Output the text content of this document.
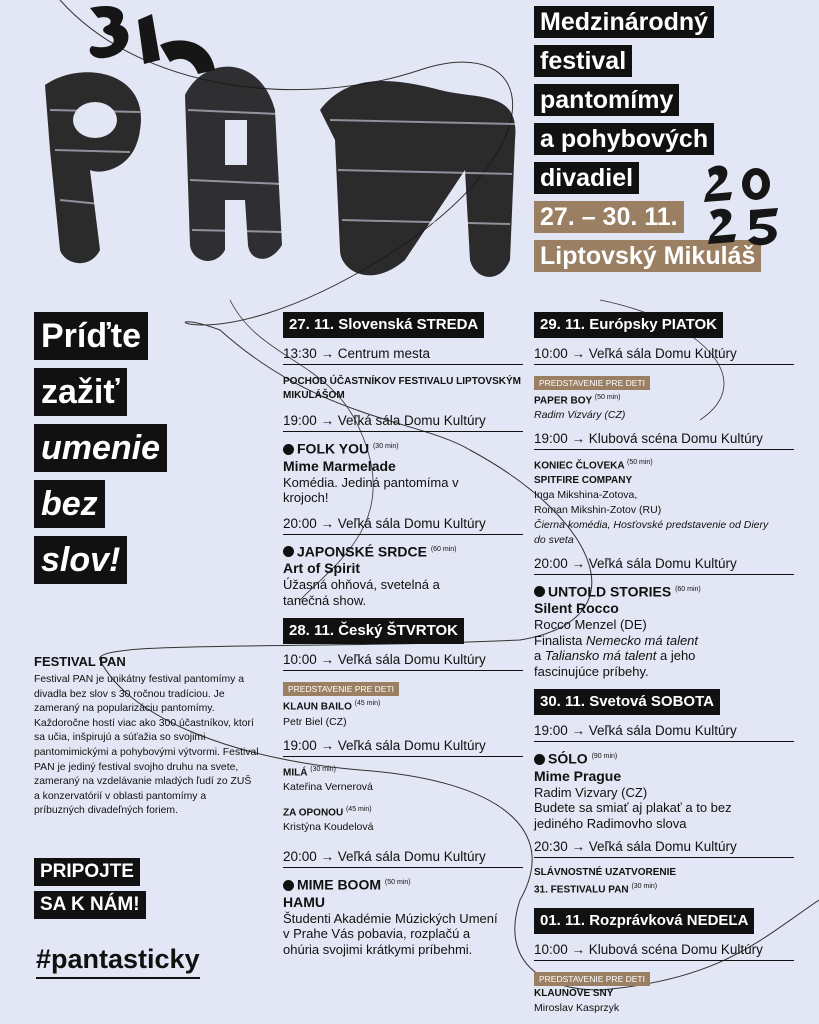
Medzinárodný
festival
pantomímy
a pohybových
divadiel
27. – 30. 11.
Liptovský Mikuláš
Príďte
zažiť
umenie
bez
slov!
FESTIVAL PAN

Festival PAN je unikátny festival pantomímy a divadla bez slov s 30 ročnou tradíciou. Je zameraný na popularizáciu pantomímy. Každoročne hostí viac ako 300 účastníkov, ktorí sa učia, inšpirujú a súťažia so svojimi pantomimickými a pohybovými výtvormi. Festival PAN je jediný festival svojho druhu na svete, zameraný na vzdelávanie mladých ľudí zo ZUŠ a konzervatórií v oblasti pantomímy a príbuzných divadeľných foriem.

PRIPOJTE
SA K NÁM!
#pantasticky
27. 11. Slovenská STREDA
13:30 → Centrum mesta
POCHOD ÚČASTNÍKOV FESTIVALU LIPTOVSKÝM MIKULÁŠOM
19:00 → Veľká sála Domu Kultúry
FOLK YOU $^{(30 min)}$
Mime Marmelade
Komédia. Jediná pantomíma v krojoch!
20:00 → Veľká sála Domu Kultúry
JAPONSKÉ SRDCE $^{(60 min)}$
Art of Spirit
Úžasná ohňová, svetelná a tanečná show.
28. 11. Český ŠTVRTOK
10:00 → Veľká sála Domu Kultúry
PREDSTAVENIE PRE DETI
KLAUN BAILO $^{(45 min)}$
Petr Biel (CZ)
19:00 → Veľká sála Domu Kultúry
MILÁ $^{(30 min)}$
Kateřina Vernerová
ZA OPONOU $^{(45 min)}$
Kristýna Koudelová
20:00 → Veľká sála Domu Kultúry
MIME BOOM $^{(50 min)}$
HAMU
Študenti Akadémie Múzických Umení v Prahe Vás pobavia, rozplačú a ohúria svojimi krátkymi príbehmi.
29. 11. Európsky PIATOK
10:00 → Veľká sála Domu Kultúry
PREDSTAVENIE PRE DETI
PAPER BOY $^{(50 min)}$
Radim Vizváry (CZ)
19:00 → Klubová scéna Domu Kultúry
KONIEC ČLOVEKA $^{(50 min)}$
SPITFIRE COMPANY
Inga Mikshina-Zotova,
Roman Mikshin-Zotov (RU)
Čierna komédia, Hosťovské predstavenie od Diery do sveta
20:00 → Veľká sála Domu Kultúry
UNTOLD STORIES $^{(60 min)}$
Silent Rocco
Rocco Menzel (DE)
Finalista Nemecko má talent
a Taliansko má talent a jeho fascinujúce príbehy.
30. 11. Svetová SOBOTA
19:00 → Veľká sála Domu Kultúry
SÓLO $^{(90 min)}$
Mime Prague
Radim Vizvary (CZ)
Budete sa smiať aj plakať a to bez jediného Radimovho slova
20:30 → Veľká sála Domu Kultúry
SLÁVNOSTNÉ UZATVORENIE
31. FESTIVALU PAN $^{(30 min)}$
01. 11. Rozprávková NEDEĽA
10:00 → Klubová scéna Domu Kultúry
PREDSTAVENIE PRE DETI
KLAUNOVE SNY
Miroslav Kasprzyk
